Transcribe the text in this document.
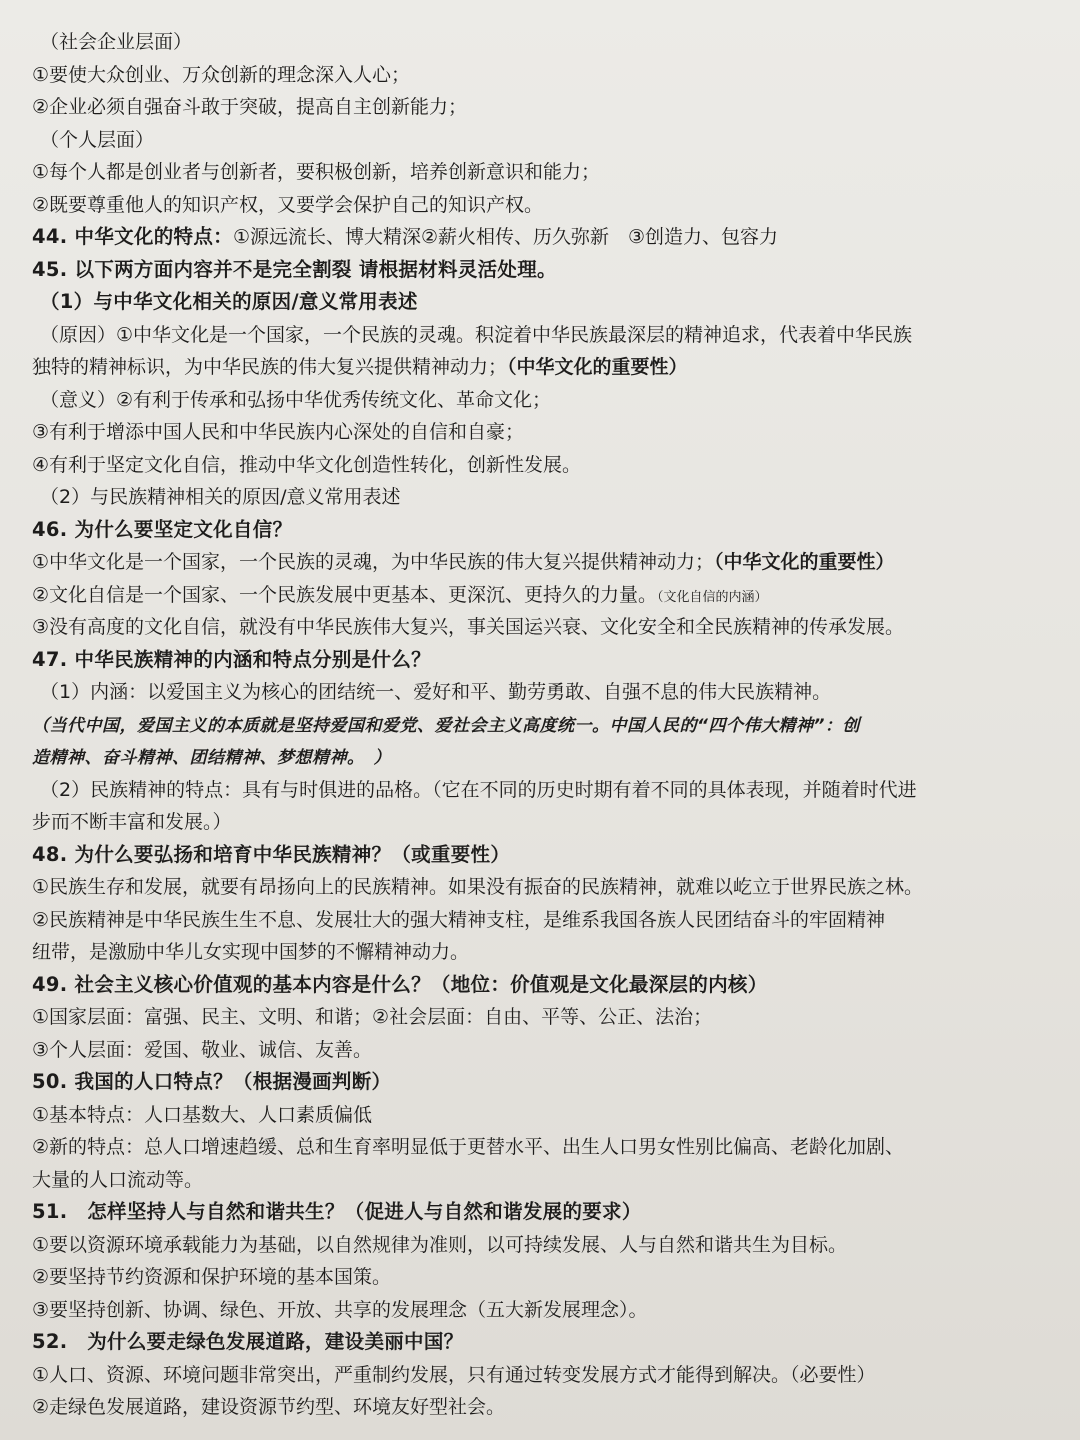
（社会企业层面）
①要使大众创业、万众创新的理念深入人心；
②企业必须自强奋斗敢于突破，提高自主创新能力；
（个人层面）
①每个人都是创业者与创新者，要积极创新，培养创新意识和能力；
②既要尊重他人的知识产权，又要学会保护自己的知识产权。
44. 中华文化的特点：①源远流长、博大精深②薪火相传、历久弥新　③创造力、包容力
45. 以下两方面内容并不是完全割裂 请根据材料灵活处理。
（1）与中华文化相关的原因/意义常用表述
（原因）①中华文化是一个国家，一个民族的灵魂。积淀着中华民族最深层的精神追求，代表着中华民族
独特的精神标识，为中华民族的伟大复兴提供精神动力；（中华文化的重要性）
（意义）②有利于传承和弘扬中华优秀传统文化、革命文化；
③有利于增添中国人民和中华民族内心深处的自信和自豪；
④有利于坚定文化自信，推动中华文化创造性转化，创新性发展。
（2）与民族精神相关的原因/意义常用表述
46. 为什么要坚定文化自信？
①中华文化是一个国家，一个民族的灵魂，为中华民族的伟大复兴提供精神动力；（中华文化的重要性）
②文化自信是一个国家、一个民族发展中更基本、更深沉、更持久的力量。（文化自信的内涵）
③没有高度的文化自信，就没有中华民族伟大复兴，事关国运兴衰、文化安全和全民族精神的传承发展。
47. 中华民族精神的内涵和特点分别是什么？
（1）内涵：以爱国主义为核心的团结统一、爱好和平、勤劳勇敢、自强不息的伟大民族精神。
（当代中国，爱国主义的本质就是坚持爱国和爱党、爱社会主义高度统一。中国人民的“四个伟大精神”：创
造精神、奋斗精神、团结精神、梦想精神。　）
（2）民族精神的特点：具有与时俱进的品格。（它在不同的历史时期有着不同的具体表现，并随着时代进
步而不断丰富和发展。）
48. 为什么要弘扬和培育中华民族精神？（或重要性）
①民族生存和发展，就要有昂扬向上的民族精神。如果没有振奋的民族精神，就难以屹立于世界民族之林。
②民族精神是中华民族生生不息、发展壮大的强大精神支柱，是维系我国各族人民团结奋斗的牢固精神
纽带，是激励中华儿女实现中国梦的不懈精神动力。
49. 社会主义核心价值观的基本内容是什么？（地位：价值观是文化最深层的内核）
①国家层面：富强、民主、文明、和谐；②社会层面：自由、平等、公正、法治；
③个人层面：爱国、敬业、诚信、友善。
50. 我国的人口特点？（根据漫画判断）
①基本特点：人口基数大、人口素质偏低
②新的特点：总人口增速趋缓、总和生育率明显低于更替水平、出生人口男女性别比偏高、老龄化加剧、
大量的人口流动等。
51.　怎样坚持人与自然和谐共生？（促进人与自然和谐发展的要求）
①要以资源环境承载能力为基础，以自然规律为准则，以可持续发展、人与自然和谐共生为目标。
②要坚持节约资源和保护环境的基本国策。
③要坚持创新、协调、绿色、开放、共享的发展理念（五大新发展理念）。
52.　为什么要走绿色发展道路，建设美丽中国？
①人口、资源、环境问题非常突出，严重制约发展，只有通过转变发展方式才能得到解决。（必要性）
②走绿色发展道路，建设资源节约型、环境友好型社会。
